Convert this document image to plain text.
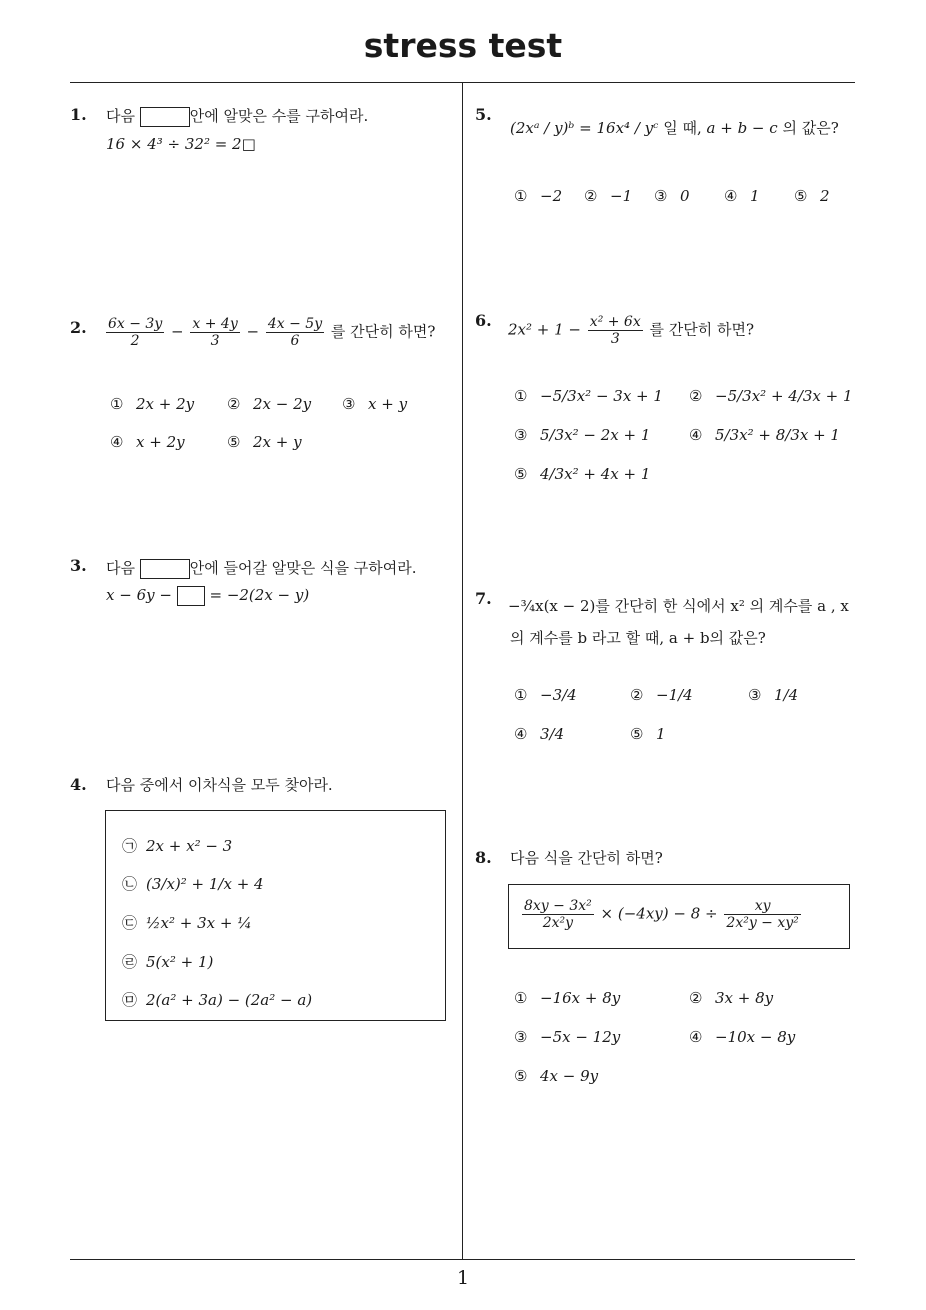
stress test
1
1. 다음	안에 알맞은 수를 구하여라.
16 × 4³ ÷ 32² = 2□
2. $\frac{6x - 3y}{2} - \frac{x + 4y}{3} - \frac{4x - 5y}{6}$ 를 간단히 하면?
① 2x + 2y ② 2x − 2y ③ x + y
④ x + 2y	⑤ 2x + y
3. 다음	안에 들어갈 알맞은 식을 구하여라.
x − 6y −	= −2(2x − y)
4. 다음 중에서 이차식을 모두 찾아라.
㉠ 2x + x² − 3
㉡ (3/x)² + 1/x + 4
㉢ ½x² + 3x + ¼
㉣ 5(x² + 1)
㉤ 2(a² + 3a) − (2a² − a)
5.
(2xᵃ / y)ᵇ = 16x⁴ / yᶜ 일 때, a + b − c 의 값은?
① −2 ② −1 ③ 0 ④ 1 ⑤ 2
6. $2x^2 + 1 - \frac{\text{x² + 6x}}{3}$ 를 간단히 하면?
① −5/3x² − 3x + 1 ② −5/3x² + 4/3x + 1
③ 5/3x² − 2x + 1	④ 5/3x² + 8/3x + 1
⑤ 4/3x² + 4x + 1
7. −¾x(x − 2)를 간단히 한 식에서 x² 의 계수를 a , x
의 계수를 b 라고 할 때, a + b의 값은?
① −3/4	② −1/4	③ 1/4
④ 3/4	⑤ 1
8. 다음 식을 간단히 하면?
$\frac{\text{8xy − 3x²}}{\text{2x²y}} \times (-4xy) - 8 \div \frac{xy}{\text{2x²y − xy²}}$
① −16x + 8y	② 3x + 8y
③ −5x − 12y	④ −10x − 8y
⑤ 4x − 9y
